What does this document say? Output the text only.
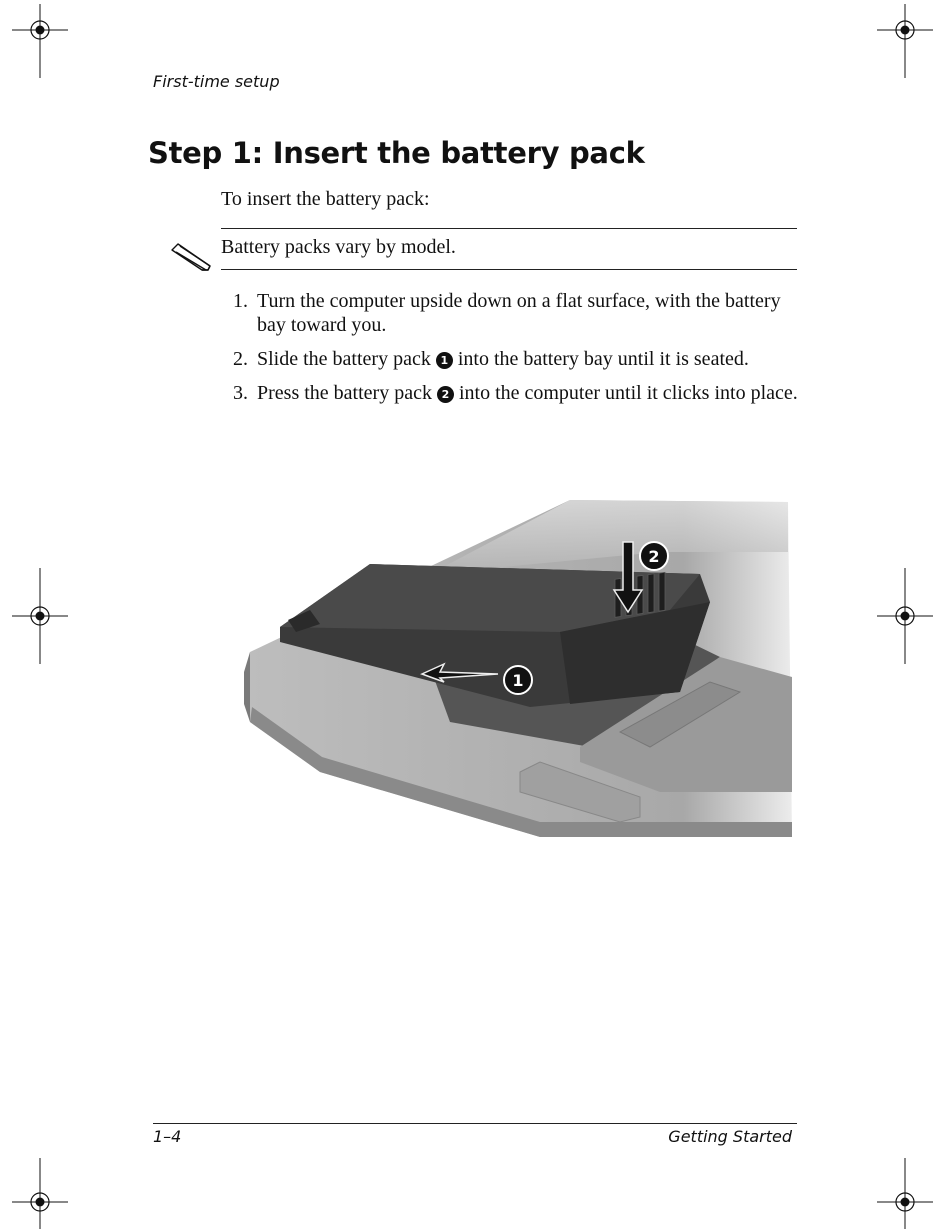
First-time setup
Step 1: Insert the battery pack
To insert the battery pack:
Battery packs vary by model.
1. Turn the computer upside down on a flat surface, with the battery bay toward you.
2. Slide the battery pack 1 into the battery bay until it is seated.
3. Press the battery pack 2 into the computer until it clicks into place.
1
2
1–4	Getting Started
